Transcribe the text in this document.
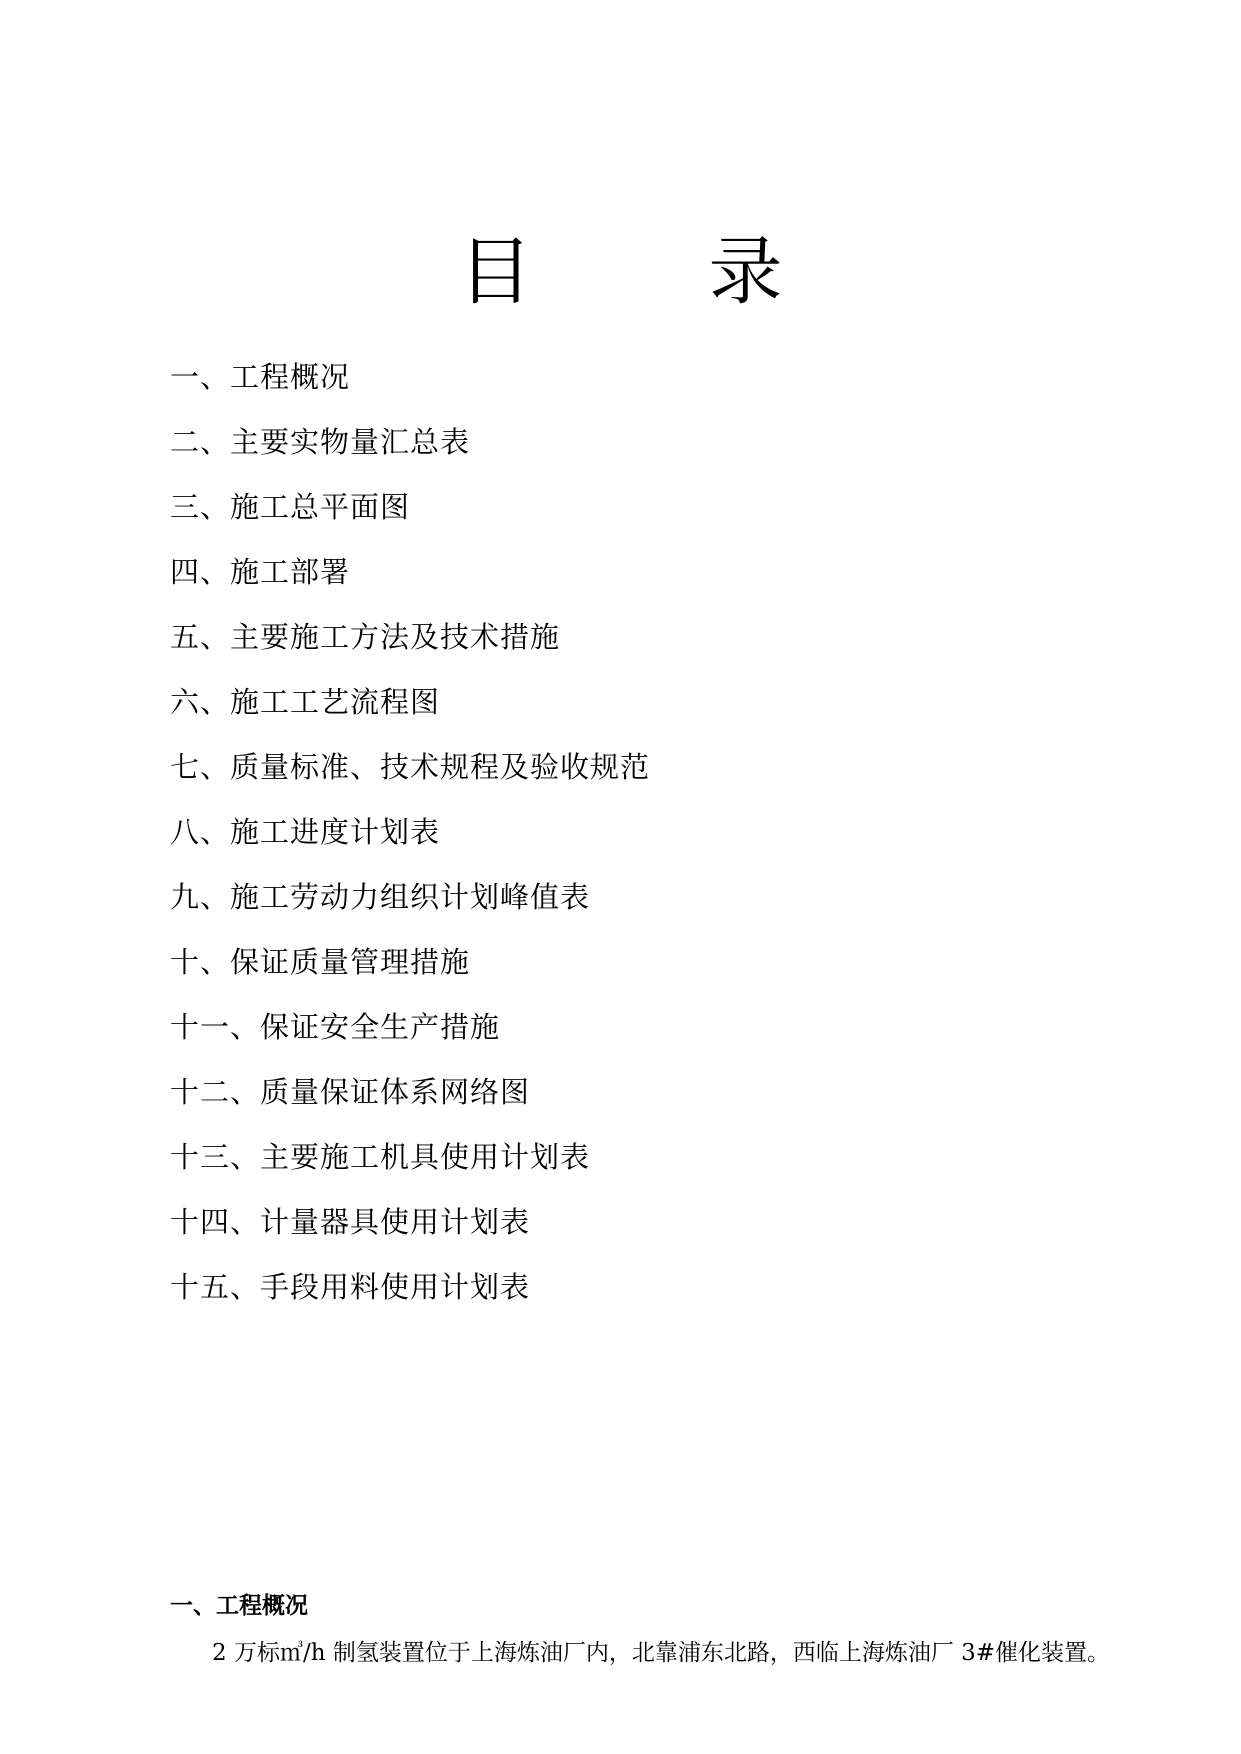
目 录
一、工程概况
二、主要实物量汇总表
三、施工总平面图
四、施工部署
五、主要施工方法及技术措施
六、施工工艺流程图
七、质量标准、技术规程及验收规范
八、施工进度计划表
九、施工劳动力组织计划峰值表
十、保证质量管理措施
十一、保证安全生产措施
十二、质量保证体系网络图
十三、主要施工机具使用计划表
十四、计量器具使用计划表
十五、手段用料使用计划表
一、工程概况
2 万标㎥/h 制氢装置位于上海炼油厂内，北靠浦东北路，西临上海炼油厂 3#催化装置。
